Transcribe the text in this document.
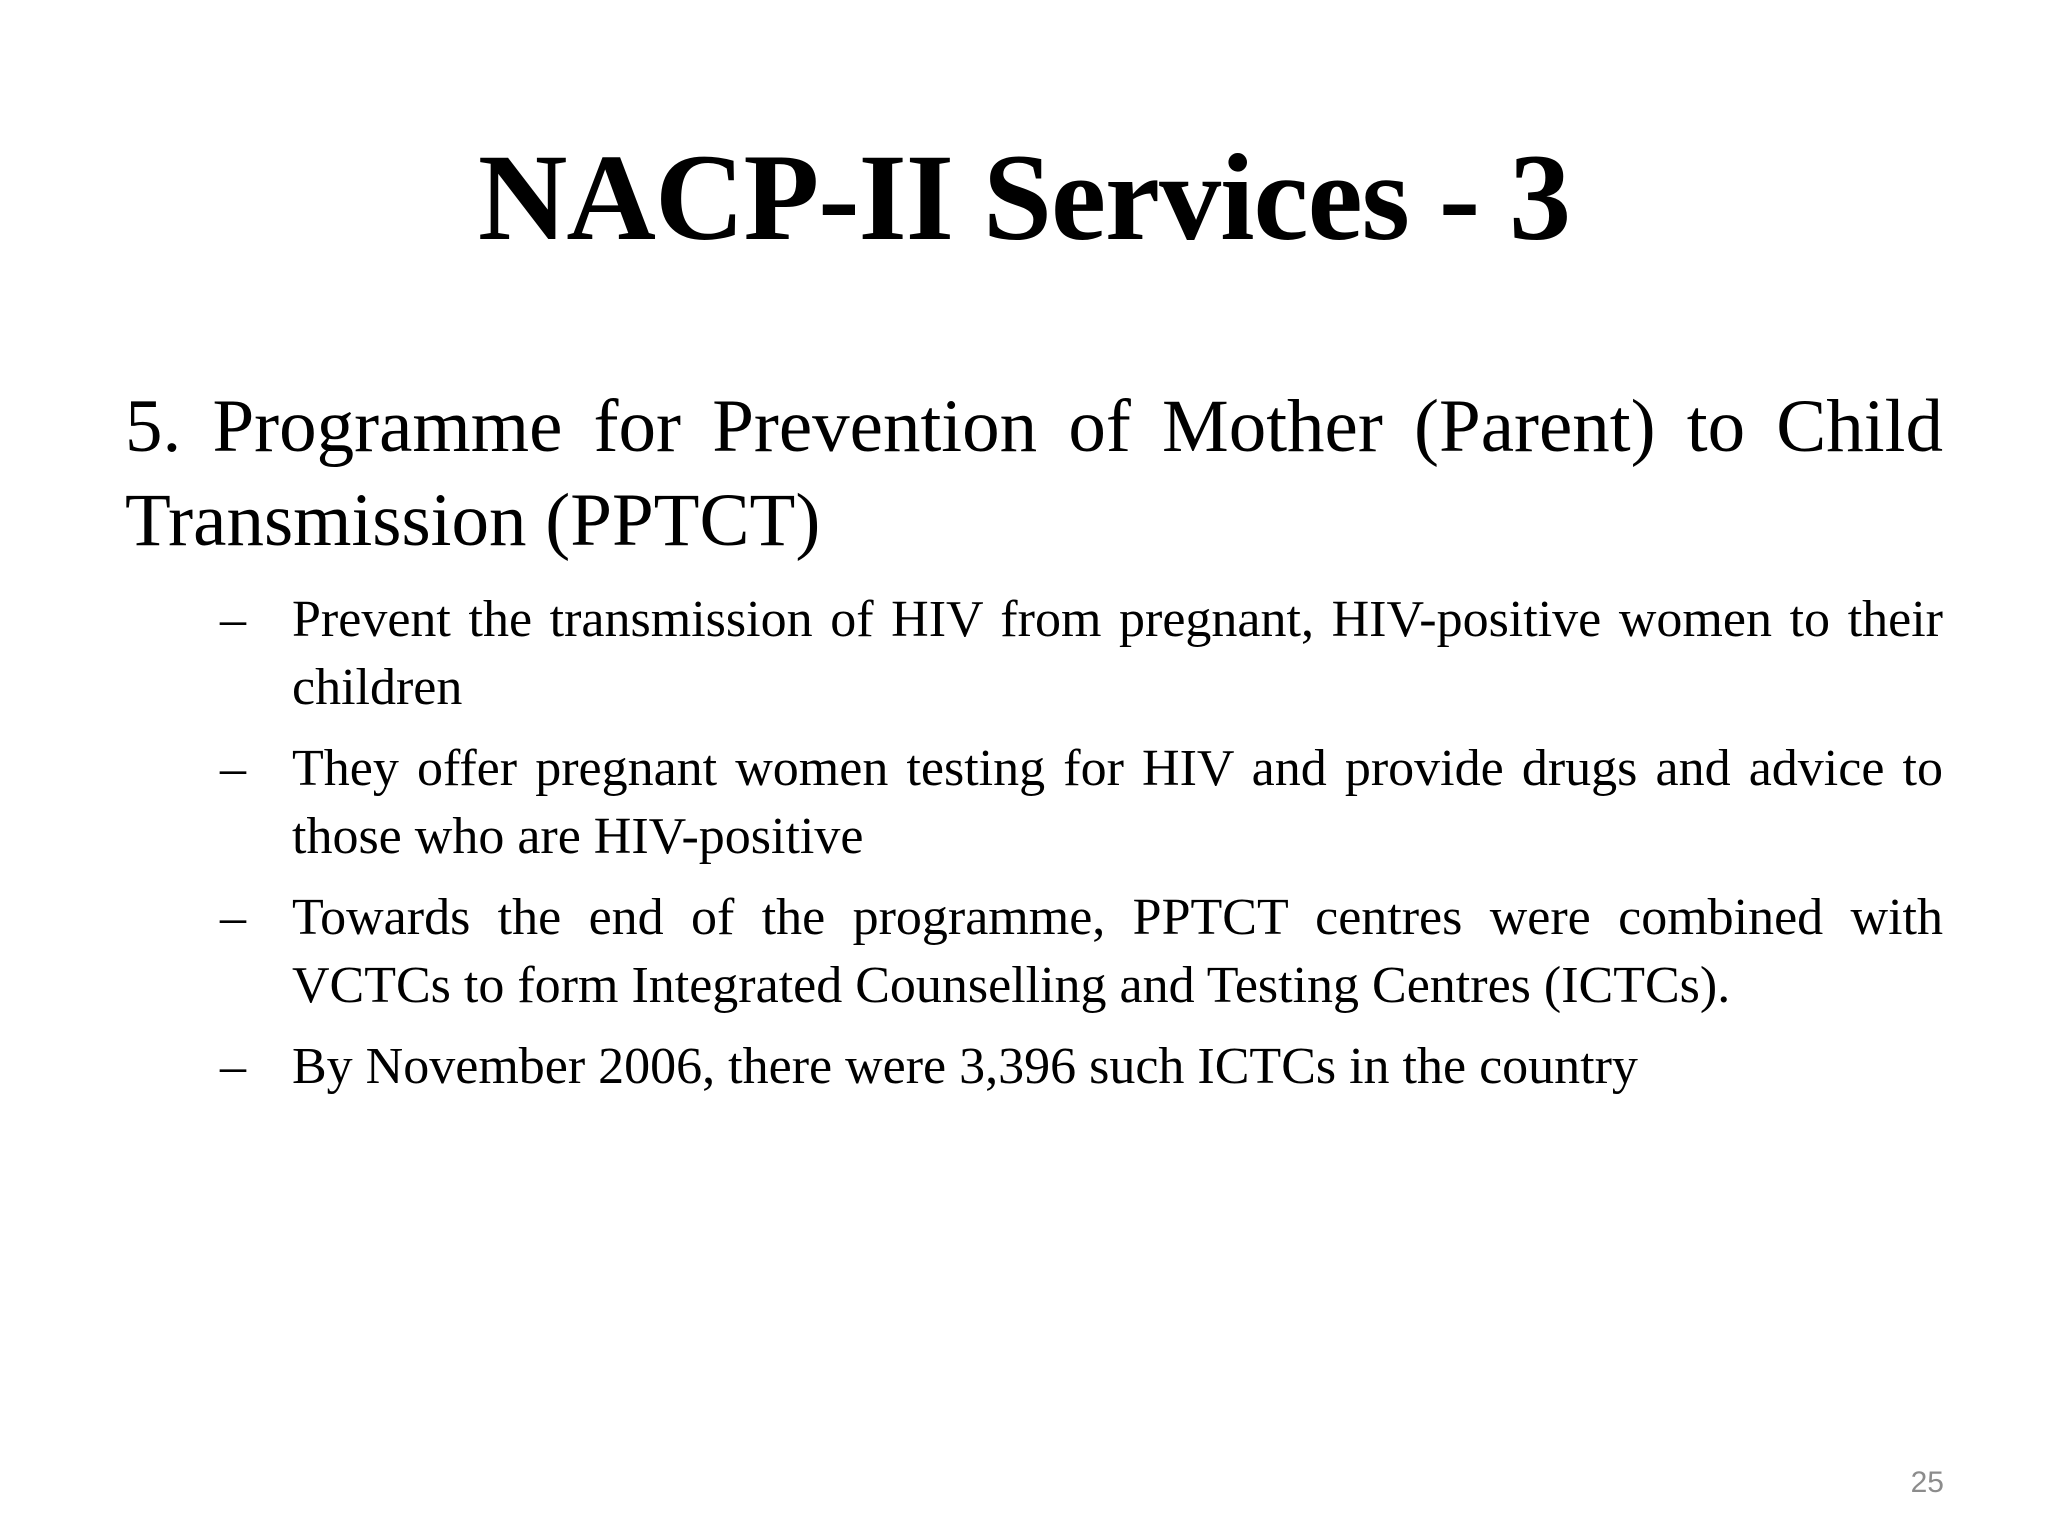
NACP-II Services - 3
5. Programme for Prevention of Mother (Parent) to Child Transmission (PPTCT)
– Prevent the transmission of HIV from pregnant, HIV-positive women to their children
– They offer pregnant women testing for HIV and provide drugs and advice to those who are HIV-positive
– Towards the end of the programme, PPTCT centres were combined with VCTCs to form Integrated Counselling and Testing Centres (ICTCs).
– By November 2006, there were 3,396 such ICTCs in the country
25
